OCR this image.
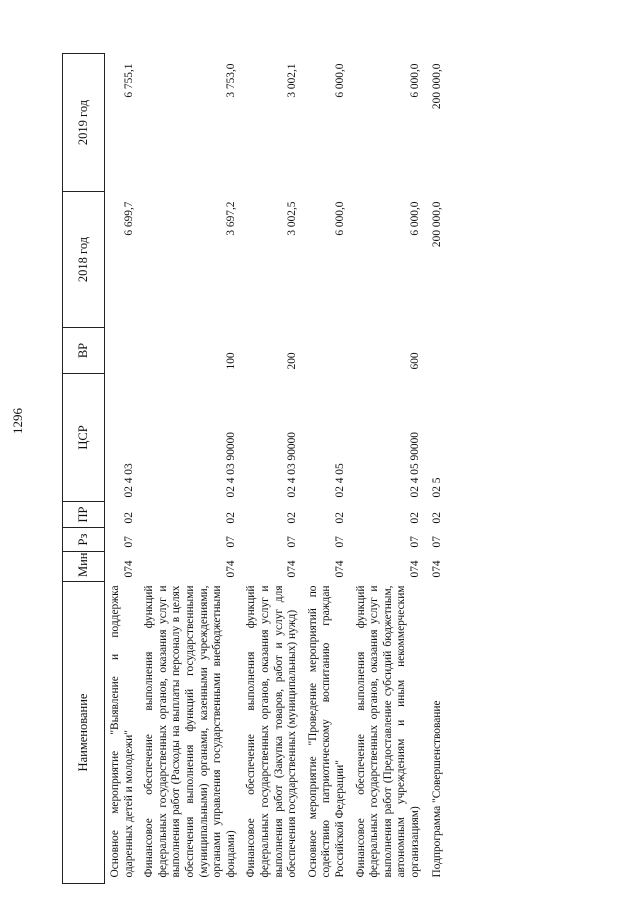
1296
Наименование	Мин	Рз	ПР	ЦСР	ВР	2018 год	2019 год
Основное мероприятие "Выявление и поддержка одаренных детей и молодежи"	074	07	02	02 4 03		6 699,7	6 755,1
Финансовое обеспечение выполнения функций федеральных государственных органов, оказания услуг и выполнения работ (Расходы на выплаты персоналу в целях обеспечения выполнения функций государственными (муниципальными) органами, казенными учреждениями, органами управления государственными внебюджетными фондами)	074	07	02	02 4 03 90000	100	3 697,2	3 753,0
Финансовое обеспечение выполнения функций федеральных государственных органов, оказания услуг и выполнения работ (Закупка товаров, работ и услуг для обеспечения государственных (муниципальных) нужд)	074	07	02	02 4 03 90000	200	3 002,5	3 002,1
Основное мероприятие "Проведение мероприятий по содействию патриотическому воспитанию граждан Российской Федерации"	074	07	02	02 4 05		6 000,0	6 000,0
Финансовое обеспечение выполнения функций федеральных государственных органов, оказания услуг и выполнения работ (Предоставление субсидий бюджетным, автономным учреждениям и иным некоммерческим организациям)	074	07	02	02 4 05 90000	600	6 000,0	6 000,0
Подпрограмма "Совершенствование	074	07	02	02 5		200 000,0	200 000,0
